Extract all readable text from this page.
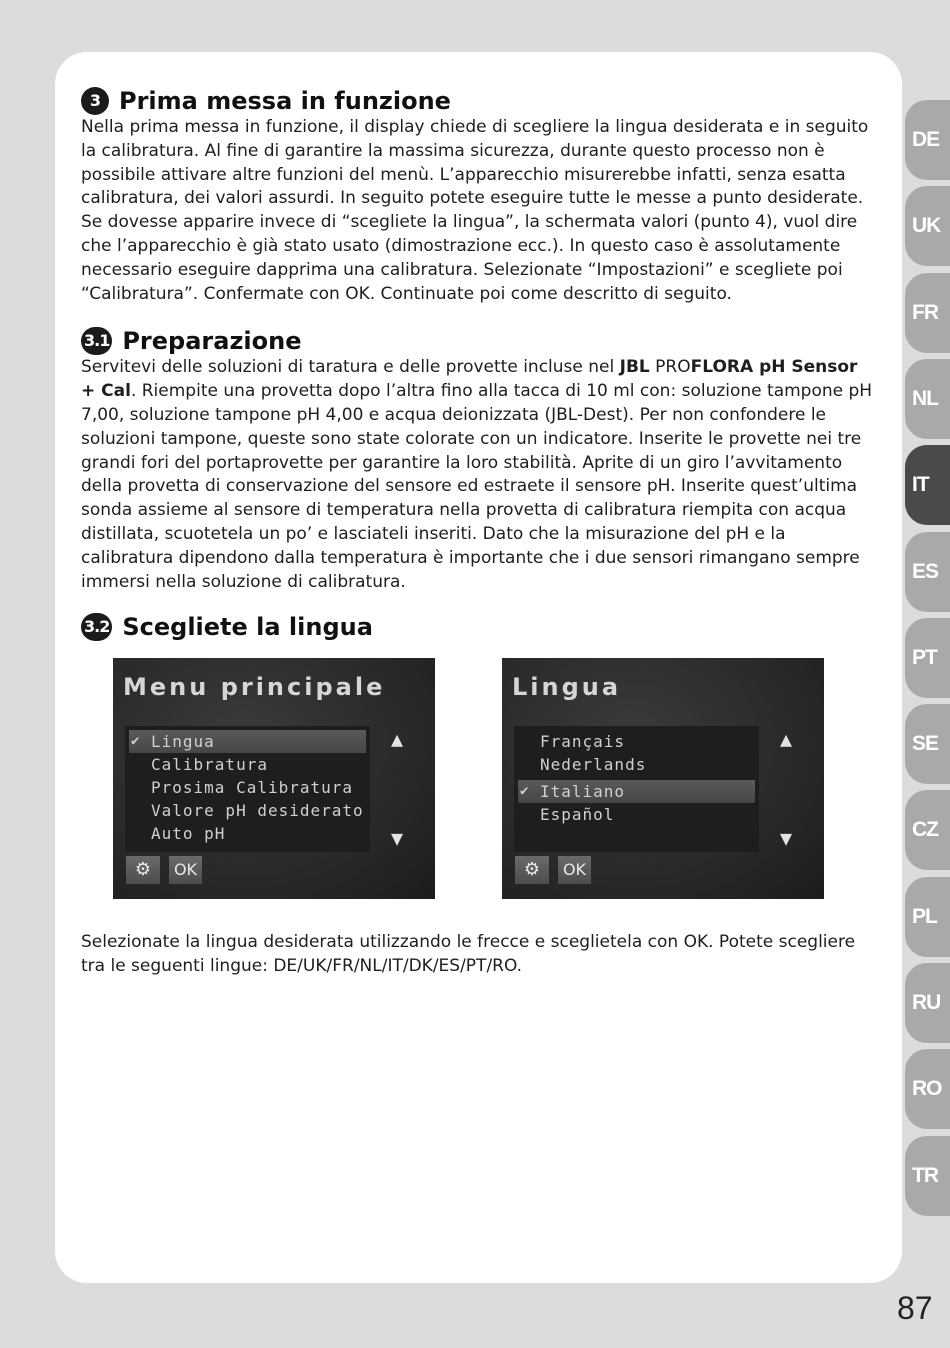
3 Prima messa in funzione

Nella prima messa in funzione, il display chiede di scegliere la lingua desiderata e in seguito la calibratura. Al fine di garantire la massima sicurezza, durante questo processo non è possibile attivare altre funzioni del menù. L’apparecchio misurerebbe infatti, senza esatta calibratura, dei valori assurdi. In seguito potete eseguire tutte le messe a punto desiderate.

Se dovesse apparire invece di “scegliete la lingua”, la schermata valori (punto 4), vuol dire che l’apparecchio è già stato usato (dimostrazione ecc.). In questo caso è assolutamente necessario eseguire dapprima una calibratura. Selezionate “Impostazioni” e scegliete poi “Calibratura”. Confermate con OK. Continuate poi come descritto di seguito.

3.1 Preparazione

Servitevi delle soluzioni di taratura e delle provette incluse nel JBL PROFLORA pH Sensor + Cal. Riempite una provetta dopo l’altra fino alla tacca di 10 ml con: soluzione tampone pH 7,00, soluzione tampone pH 4,00 e acqua deionizzata (JBL-Dest). Per non confondere le soluzioni tampone, queste sono state colorate con un indicatore. Inserite le provette nei tre grandi fori del portaprovette per garantire la loro stabilità. Aprite di un giro l’avvitamento della provetta di conservazione del sensore ed estraete il sensore pH. Inserite quest’ultima sonda assieme al sensore di temperatura nella provetta di calibratura riempita con acqua distillata, scuotetela un po’ e lasciateli inseriti. Dato che la misurazione del pH e la calibratura dipendono dalla temperatura è importante che i due sensori rimangano sempre immersi nella soluzione di calibratura.

3.2 Scegliete la lingua
Menu principale
✔ Lingua
Calibratura
Prosima Calibratura
Valore pH desiderato
Auto pH
▲
▼
⚙	OK
Lingua
Français
Nederlands
✔ Italiano
Español
▲
▼
⚙	OK

Selezionate la lingua desiderata utilizzando le frecce e sceglietela con OK. Potete scegliere tra le seguenti lingue: DE/UK/FR/NL/IT/DK/ES/PT/RO.

DE
UK
FR
NL
IT
ES
PT
SE
CZ
PL
RU
RO
TR
87
